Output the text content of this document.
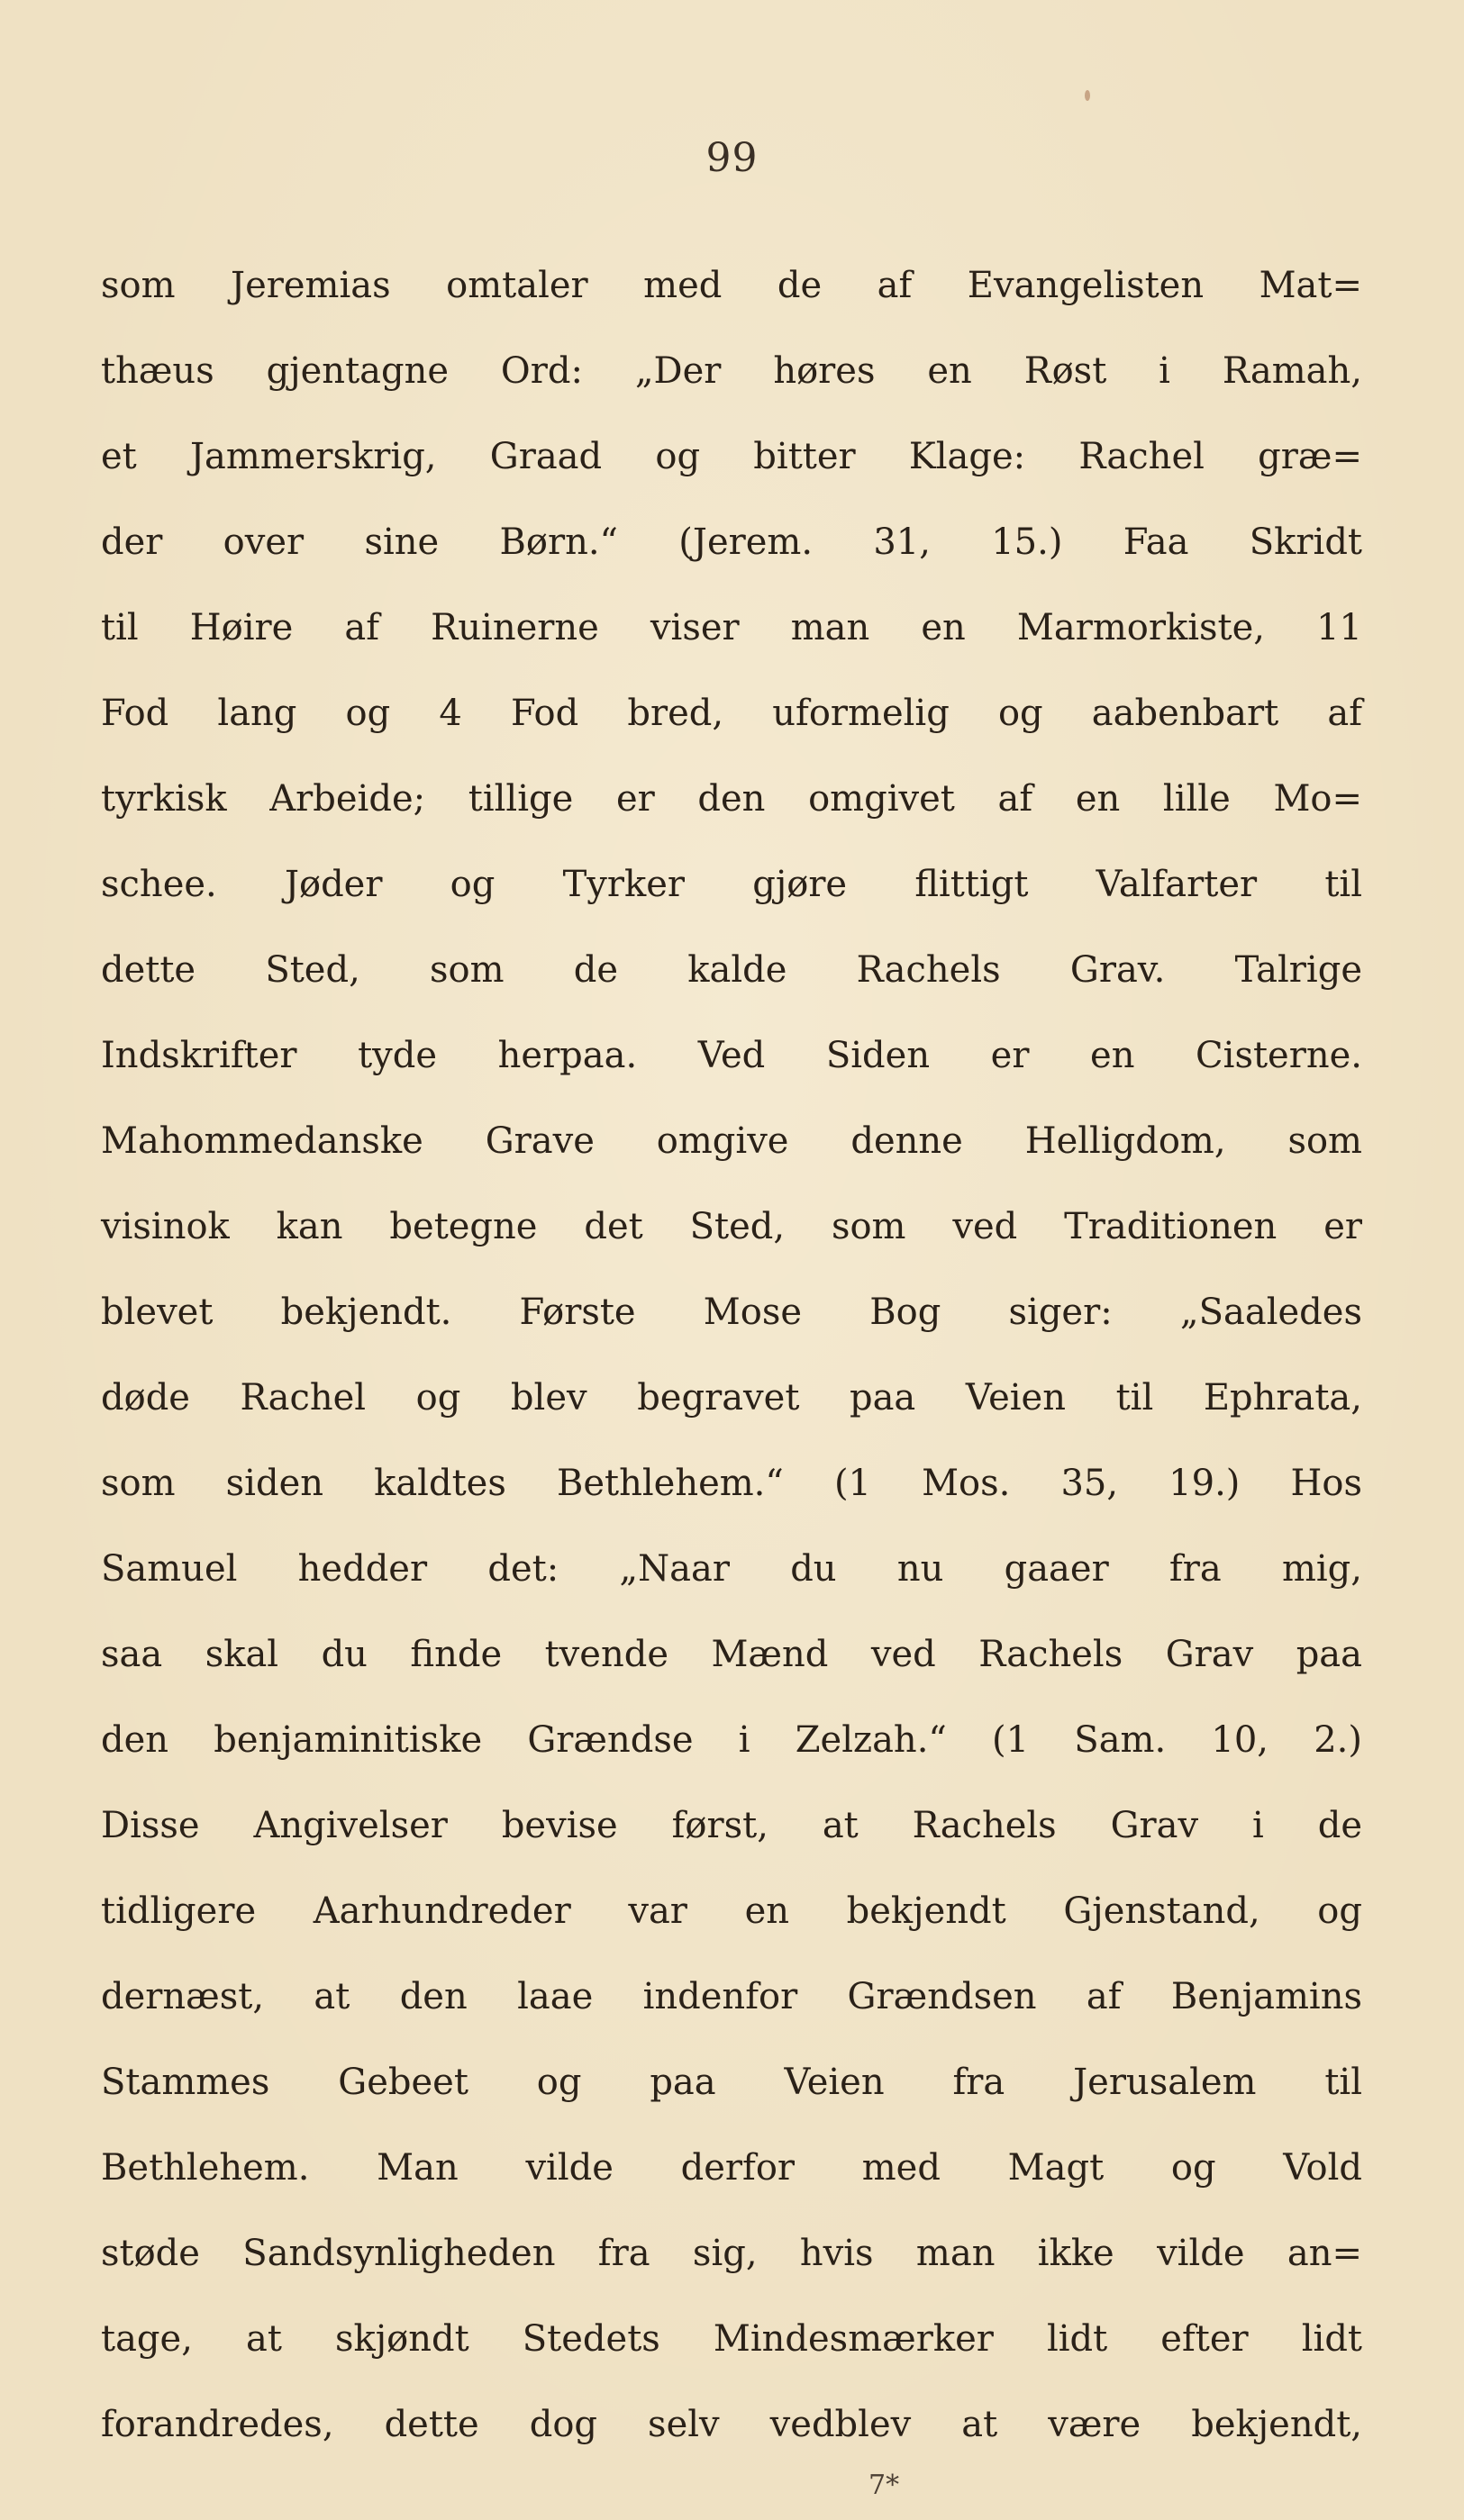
99
som Jeremias omtaler med de af Evangelisten Mat=
thæus gjentagne Ord: „Der høres en Røst i Ramah,
et Jammerskrig, Graad og bitter Klage: Rachel græ=
der over sine Børn.“ (Jerem. 31, 15.) Faa Skridt
til Høire af Ruinerne viser man en Marmorkiste, 11
Fod lang og 4 Fod bred, uformelig og aabenbart af
tyrkisk Arbeide; tillige er den omgivet af en lille Mo=
schee. Jøder og Tyrker gjøre flittigt Valfarter til
dette Sted, som de kalde Rachels Grav. Talrige
Indskrifter tyde herpaa. Ved Siden er en Cisterne.
Mahommedanske Grave omgive denne Helligdom, som
visinok kan betegne det Sted, som ved Traditionen er
blevet bekjendt. Første Mose Bog siger: „Saaledes
døde Rachel og blev begravet paa Veien til Ephrata,
som siden kaldtes Bethlehem.“ (1 Mos. 35, 19.) Hos
Samuel hedder det: „Naar du nu gaaer fra mig,
saa skal du finde tvende Mænd ved Rachels Grav paa
den benjaminitiske Grændse i Zelzah.“ (1 Sam. 10, 2.)
Disse Angivelser bevise først, at Rachels Grav i de
tidligere Aarhundreder var en bekjendt Gjenstand, og
dernæst, at den laae indenfor Grændsen af Benjamins
Stammes Gebeet og paa Veien fra Jerusalem til
Bethlehem. Man vilde derfor med Magt og Vold
støde Sandsynligheden fra sig, hvis man ikke vilde an=
tage, at skjøndt Stedets Mindesmærker lidt efter lidt
forandredes, dette dog selv vedblev at være bekjendt,
7*
